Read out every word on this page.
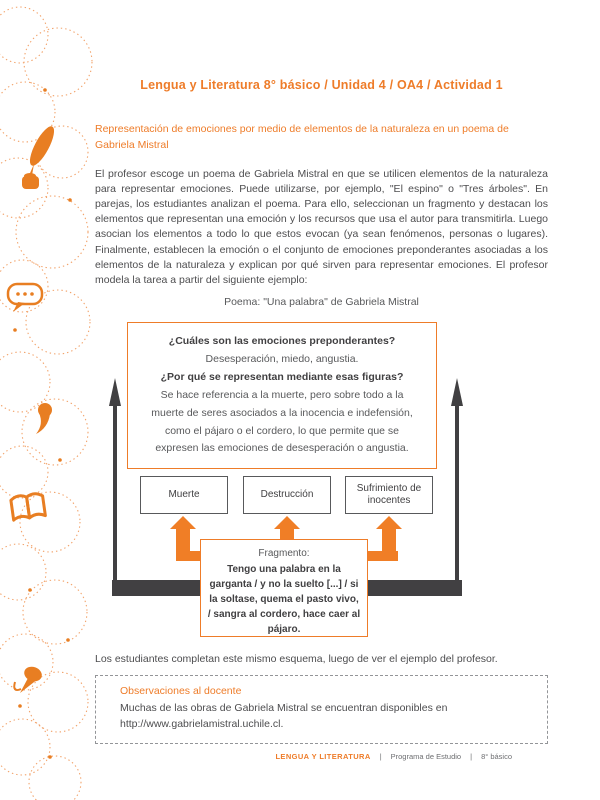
Lengua y Literatura 8° básico / Unidad 4 / OA4 / Actividad 1
Representación de emociones por medio de elementos de la naturaleza en un poema de Gabriela Mistral

El profesor escoge un poema de Gabriela Mistral en que se utilicen elementos de la naturaleza para representar emociones. Puede utilizarse, por ejemplo, "El espino" o "Tres árboles". En parejas, los estudiantes analizan el poema. Para ello, seleccionan un fragmento y destacan los elementos que representan una emoción y los recursos que usa el autor para transmitirla. Luego asocian los elementos a todo lo que estos evocan (ya sean fenómenos, personas o lugares). Finalmente, establecen la emoción o el conjunto de emociones preponderantes asociadas a los elementos de la naturaleza y explican por qué sirven para representar emociones. El profesor modela la tarea a partir del siguiente ejemplo:

Poema: "Una palabra" de Gabriela Mistral

¿Cuáles son las emociones preponderantes?

Desesperación, miedo, angustia.

¿Por qué se representan mediante esas figuras?

Se hace referencia a la muerte, pero sobre todo a la muerte de seres asociados a la inocencia e indefensión, como el pájaro o el cordero, lo que permite que se expresen las emociones de desesperación o angustia.

Muerte	Destrucción
Sufrimiento de inocentes

Fragmento:

Tengo una palabra en la garganta / y no la suelto [...] / si la soltase, quema el pasto vivo, / sangra al cordero, hace caer al pájaro.

Los estudiantes completan este mismo esquema, luego de ver el ejemplo del profesor.

Observaciones al docente

Muchas de las obras de Gabriela Mistral se encuentran disponibles en http://www.gabrielamistral.uchile.cl.

LENGUA Y LITERATURA | Programa de Estudio | 8° básico
